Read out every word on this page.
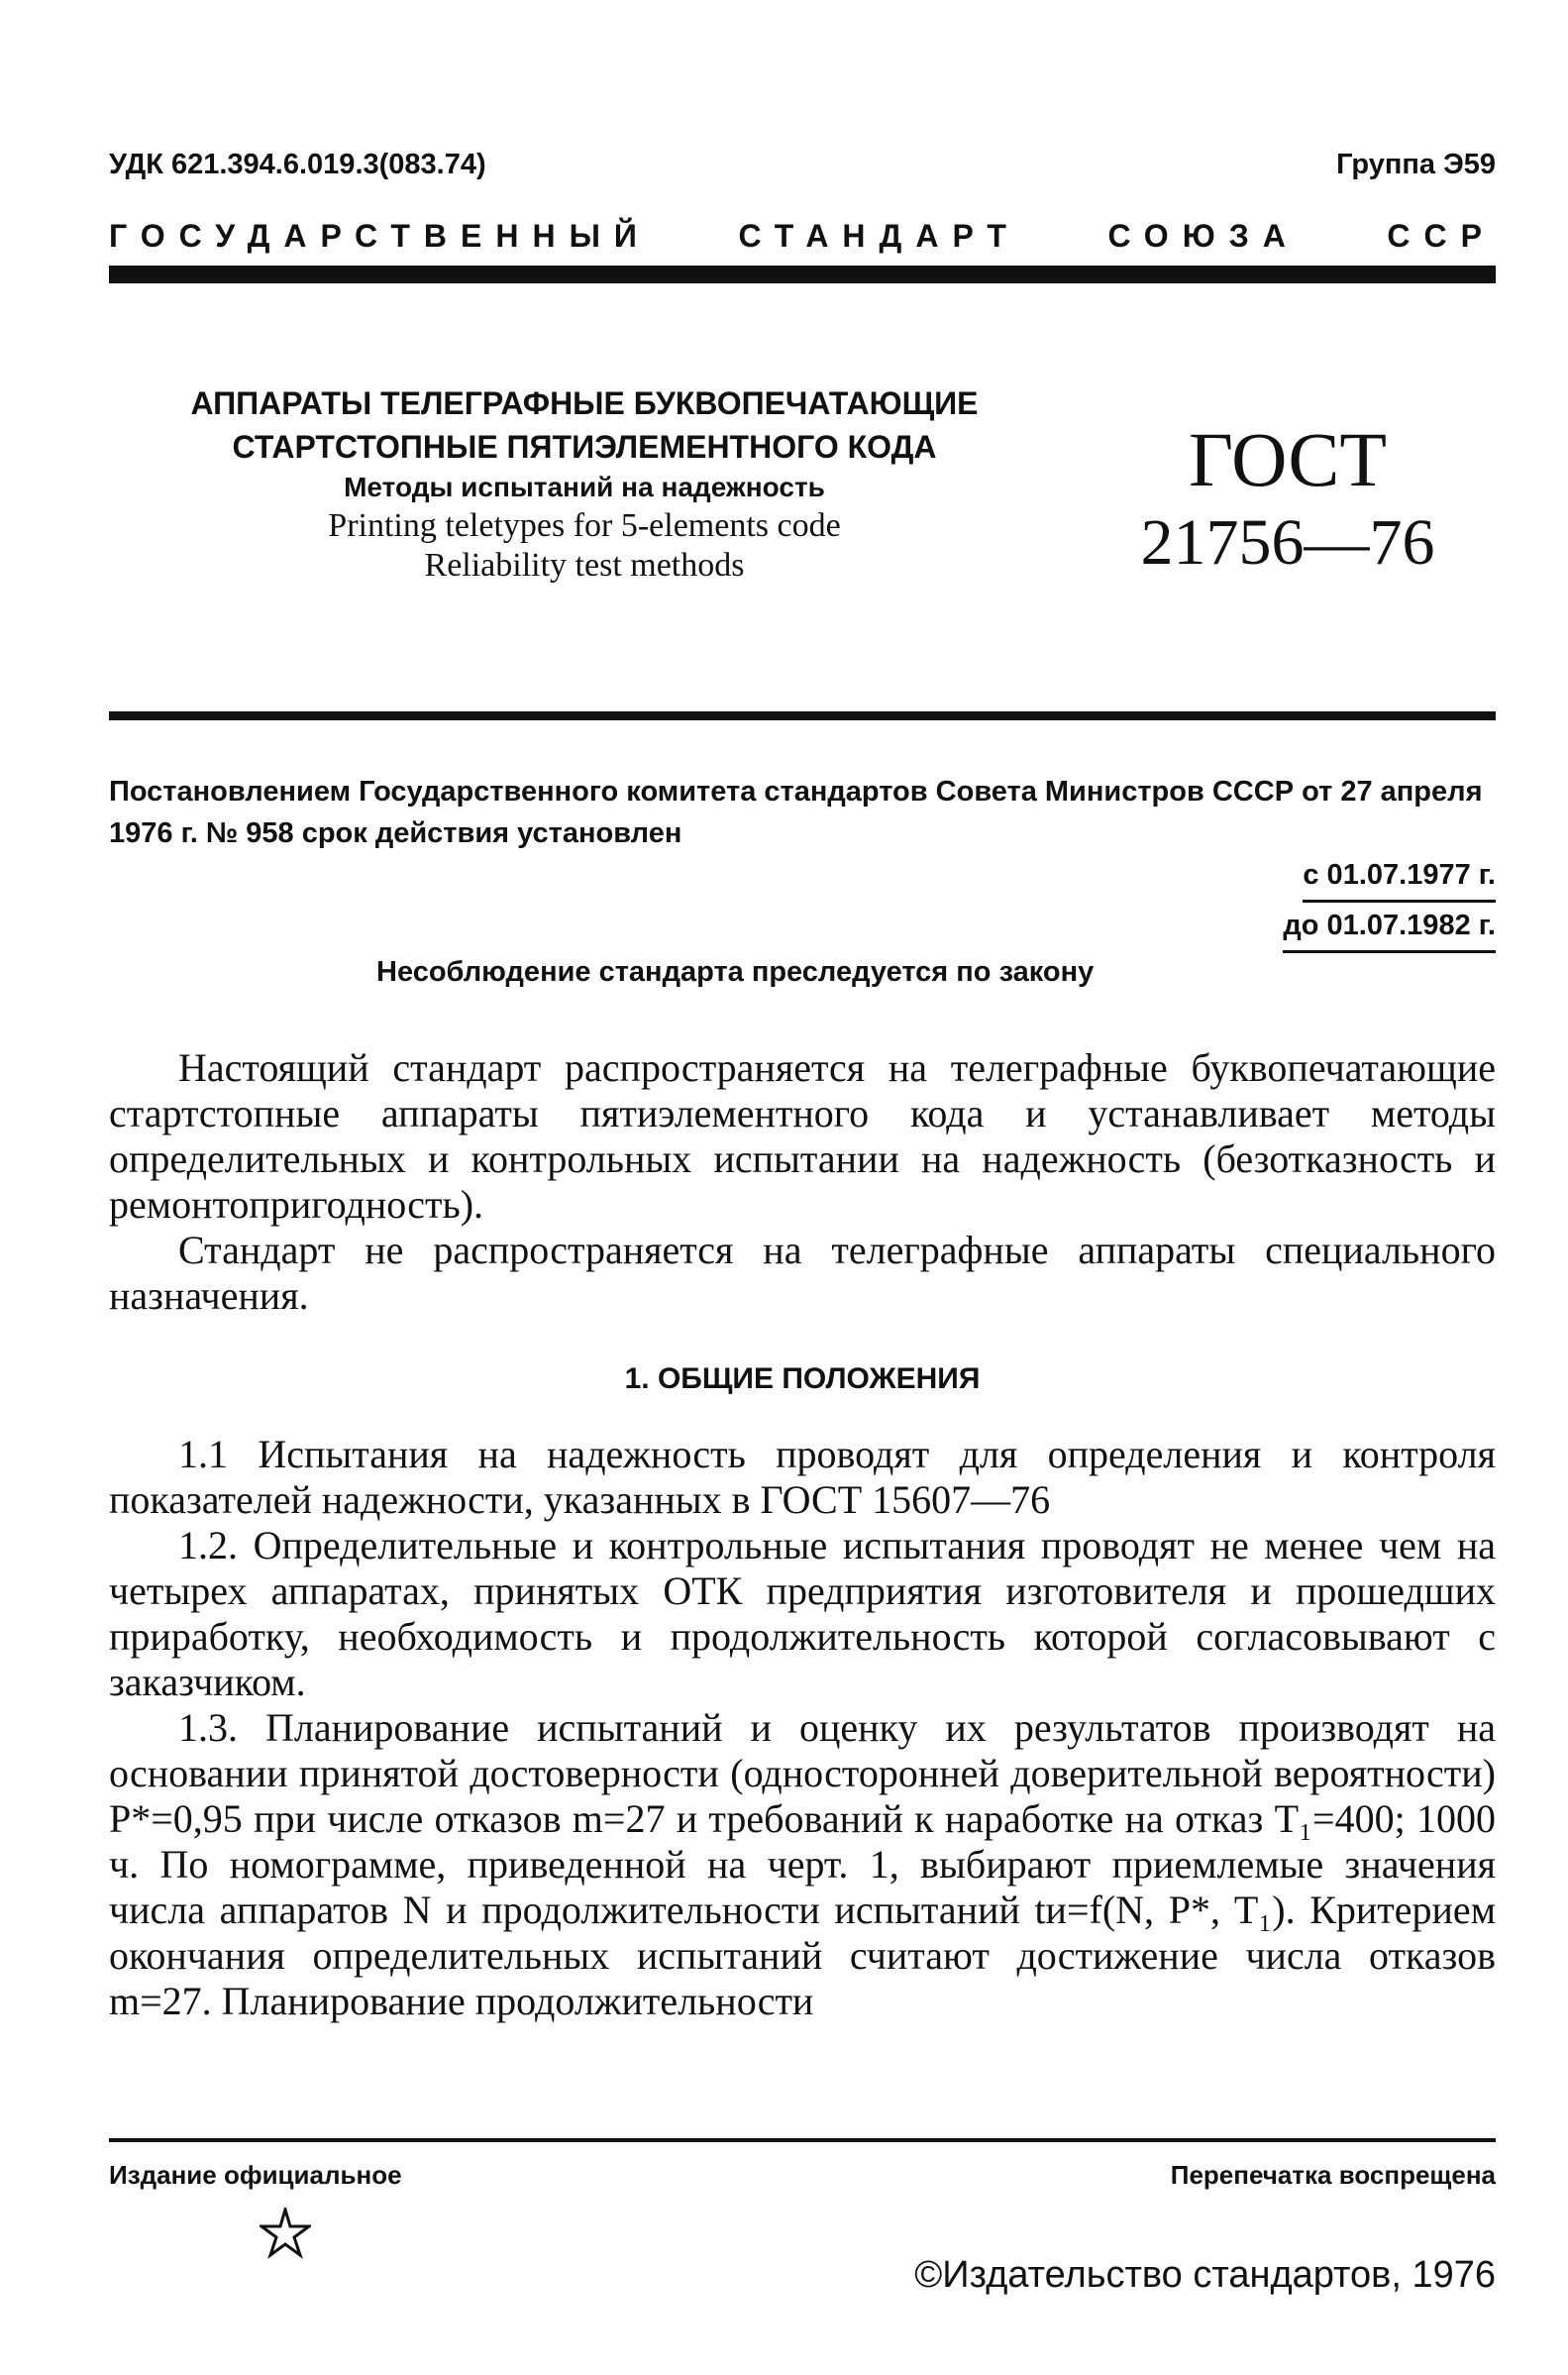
УДК 621.394.6.019.3(083.74)	Группа Э59
ГОСУДАРСТВЕННЫЙ	СТАНДАРТ	СОЮЗА	ССР
АППАРАТЫ ТЕЛЕГРАФНЫЕ БУКВОПЕЧАТАЮЩИЕ
СТАРТСТОПНЫЕ ПЯТИЭЛЕМЕНТНОГО КОДА
Методы испытаний на надежность
Printing teletypes for 5-elements code
Reliability test methods
ГОСТ
21756—76
Постановлением Государственного комитета стандартов Совета Министров СССР от 27 апреля 1976 г. № 958 срок действия установлен
с 01.07.1977 г.
до 01.07.1982 г.
Несоблюдение стандарта преследуется по закону

Настоящий стандарт распространяется на телеграфные буквопечатающие стартстопные аппараты пятиэлементного кода и устанавливает методы определительных и контрольных испытании на надежность (безотказность и ремонтопригодность).

Стандарт не распространяется на телеграфные аппараты специального назначения.

1. ОБЩИЕ ПОЛОЖЕНИЯ

1.1 Испытания на надежность проводят для определения и контроля показателей надежности, указанных в ГОСТ 15607—76

1.2. Определительные и контрольные испытания проводят не менее чем на четырех аппаратах, принятых ОТК предприятия изготовителя и прошедших приработку, необходимость и продолжительность которой согласовывают с заказчиком.

1.3. Планирование испытаний и оценку их результатов производят на основании принятой достоверности (односторонней доверительной вероятности) P*=0,95 при числе отказов m=27 и требований к наработке на отказ T₁=400; 1000 ч. По номограмме, приведенной на черт. 1, выбирают приемлемые значения числа аппаратов N и продолжительности испытаний tи=f(N, P*, T₁). Критерием окончания определительных испытаний считают достижение числа отказов m=27. Планирование продолжительности

Издание официальное	Перепечатка воспрещена
©Издательство стандартов, 1976
